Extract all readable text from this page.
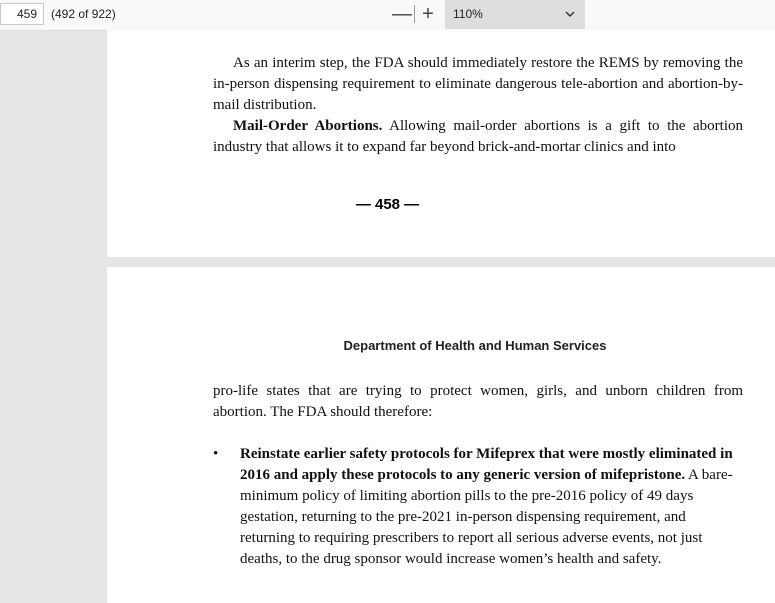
459	(492 of 922)	— +	110%

As an interim step, the FDA should immediately restore the REMS by removing the in-person dispensing requirement to eliminate dangerous tele-abortion and abortion-by-mail distribution.

Mail-Order Abortions. Allowing mail-order abortions is a gift to the abortion industry that allows it to expand far beyond brick-and-mortar clinics and into

— 458 —
Department of Health and Human Services

pro-life states that are trying to protect women, girls, and unborn children from abortion. The FDA should therefore:

• Reinstate earlier safety protocols for Mifeprex that were mostly eliminated in 2016 and apply these protocols to any generic version of mifepristone. A bare-minimum policy of limiting abortion pills to the pre-2016 policy of 49 days gestation, returning to the pre-2021 in-person dispensing requirement, and returning to requiring prescribers to report all serious adverse events, not just deaths, to the drug sponsor would increase women’s health and safety.
